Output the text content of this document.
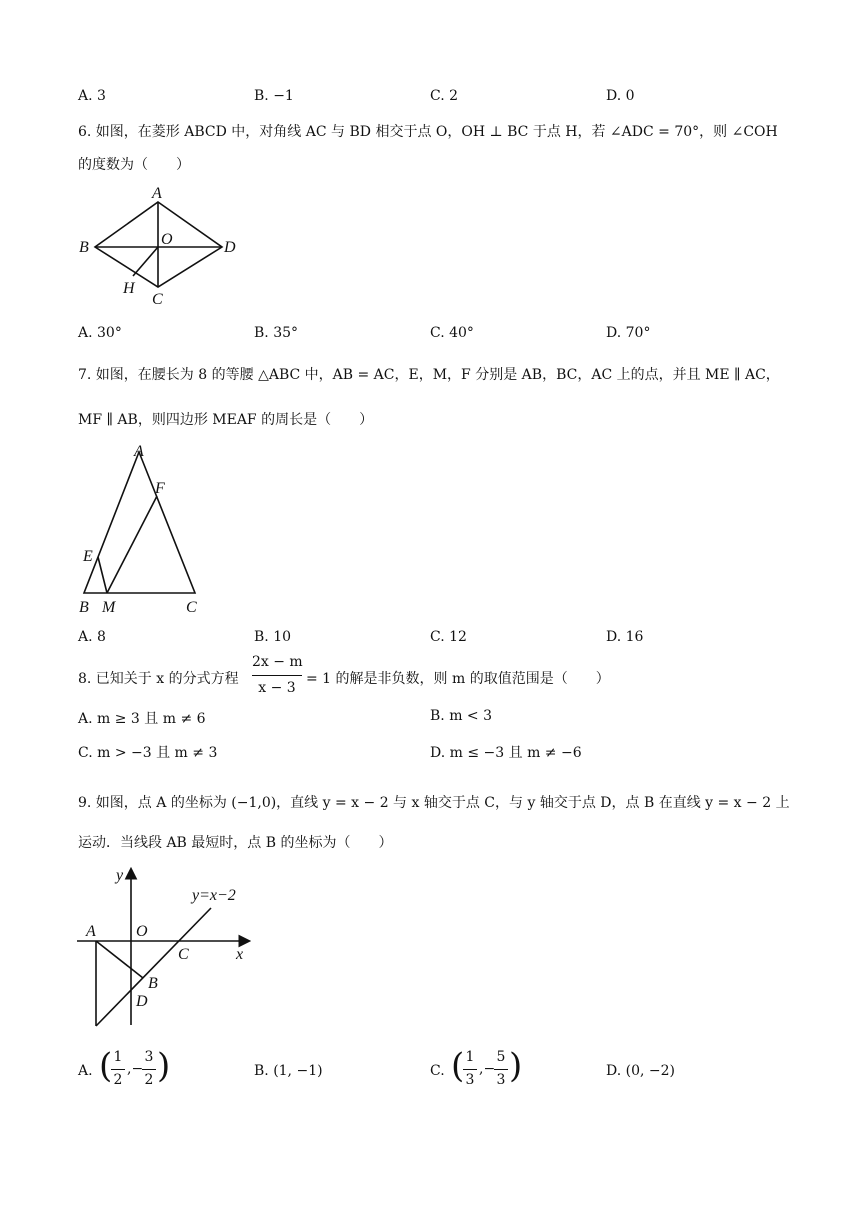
A. 3	B. −1	C. 2	D. 0
6. 如图，在菱形 ABCD 中，对角线 AC 与 BD 相交于点 O，OH ⊥ BC 于点 H，若 ∠ADC = 70°，则 ∠COH
的度数为（　　）
A
B	O	D
H
C
A. 30°	B. 35°	C. 40°	D. 70°
7. 如图，在腰长为 8 的等腰 △ABC 中，AB = AC，E，M，F 分别是 AB，BC，AC 上的点，并且 ME ∥ AC，
MF ∥ AB，则四边形 MEAF 的周长是（　　）
A
F
E
B M	C
A. 8	B. 10	C. 12	D. 16
8. 已知关于 x 的分式方程
2x − m
x − 3
= 1 的解是非负数，则 m 的取值范围是（　　）
A. m ≥ 3 且 m ≠ 6	B. m < 3
C. m > −3 且 m ≠ 3	D. m ≤ −3 且 m ≠ −6
9. 如图，点 A 的坐标为 (−1,0)，直线 y = x − 2 与 x 轴交于点 C，与 y 轴交于点 D，点 B 在直线 y = x − 2 上
运动．当线段 AB 最短时，点 B 的坐标为（　　）
y
y=x−2
A	O
C	x
B
D
A. ( 1
2
,−
3
2 )	B. (1, −1)	C. ( 1
3
,−
5
3 )	D. (0, −2)
